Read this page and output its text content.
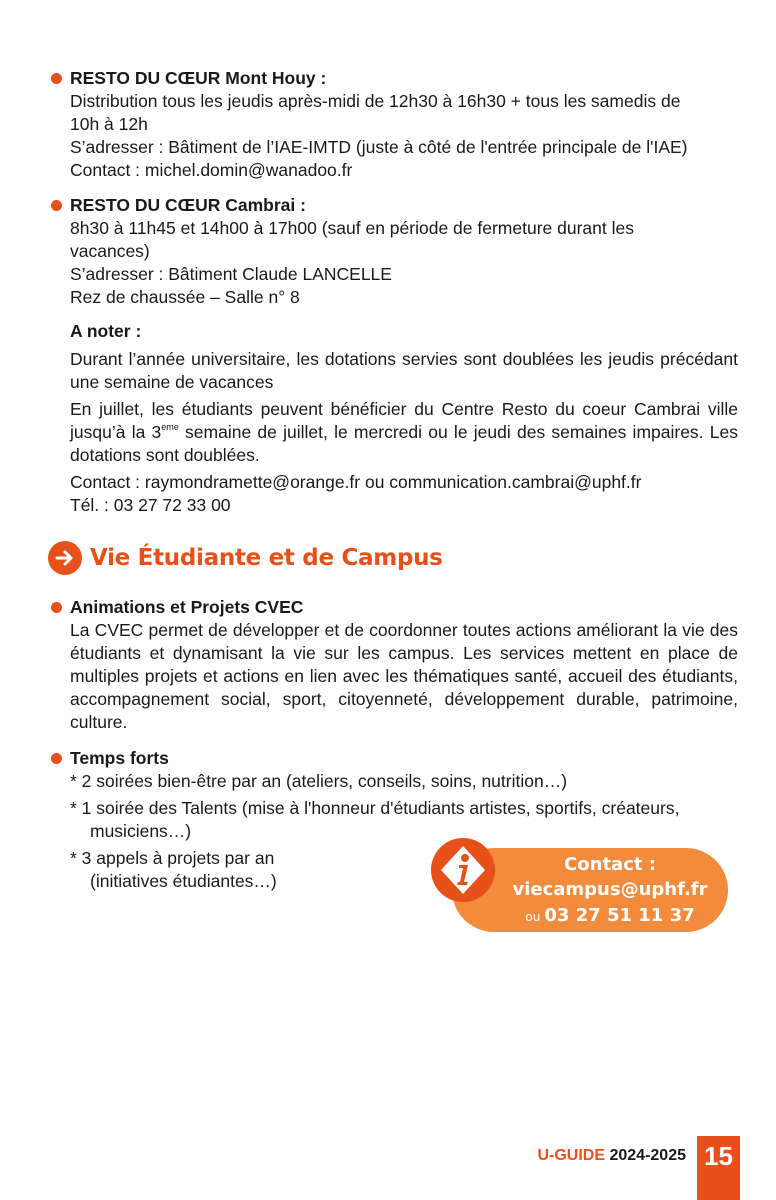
RESTO DU CŒUR Mont Houy :
Distribution tous les jeudis après-midi de 12h30 à 16h30 + tous les samedis de
10h à 12h
S’adresser : Bâtiment de l’IAE-IMTD (juste à côté de l'entrée principale de l'IAE)
Contact : michel.domin@wanadoo.fr
RESTO DU CŒUR Cambrai :
8h30 à 11h45 et 14h00 à 17h00 (sauf en période de fermeture durant les
vacances)
S’adresser : Bâtiment Claude LANCELLE
Rez de chaussée – Salle n° 8
A noter :
Durant l’année universitaire, les dotations servies sont doublées les jeudis précédant une semaine de vacances
En juillet, les étudiants peuvent bénéficier du Centre Resto du coeur Cambrai ville jusqu’à la 3eme semaine de juillet, le mercredi ou le jeudi des semaines impaires. Les dotations sont doublées.
Contact : raymondramette@orange.fr ou communication.cambrai@uphf.fr
Tél. : 03 27 72 33 00
Vie Étudiante et de Campus
Animations et Projets CVEC
La CVEC permet de développer et de coordonner toutes actions améliorant la vie des étudiants et dynamisant la vie sur les campus. Les services mettent en place de multiples projets et actions en lien avec les thématiques santé, accueil des étudiants, accompagnement social, sport, citoyenneté, développement durable, patrimoine, culture.
Temps forts
* 2 soirées bien-être par an (ateliers, conseils, soins, nutrition…)
* 1 soirée des Talents (mise à l'honneur d'étudiants artistes, sportifs, créateurs,
musiciens…)
* 3 appels à projets par an
(initiatives étudiantes…)
Contact :
viecampus@uphf.fr
ou 03 27 51 11 37
U-GUIDE 2024-2025 15
